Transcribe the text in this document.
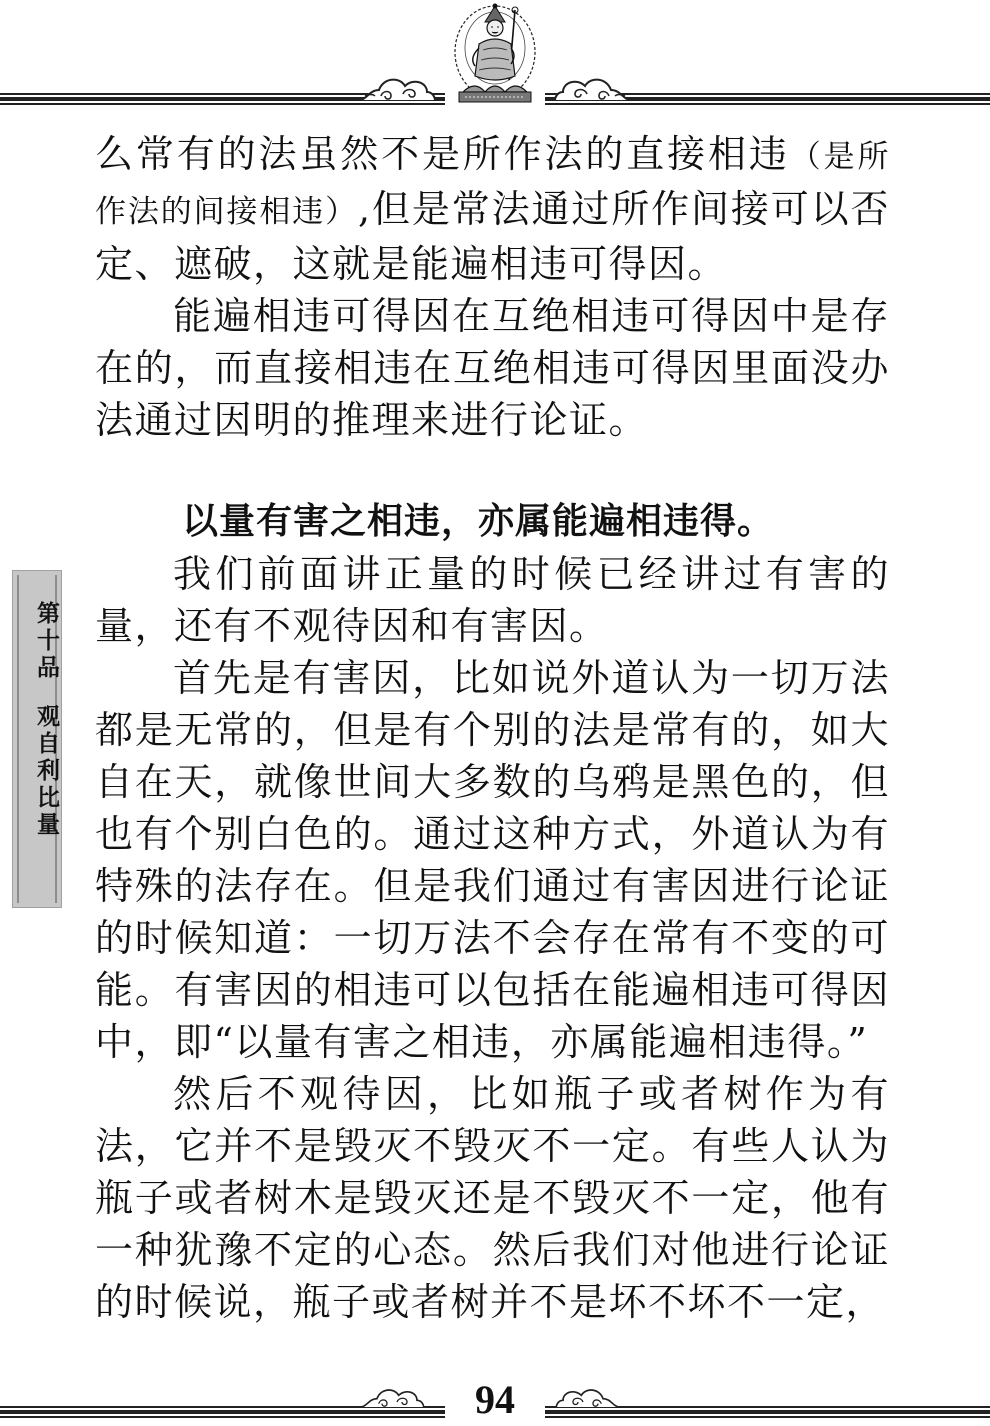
第十品观自利比量

么常有的法虽然不是所作法的直接相违（是所作法的间接相违）,但是常法通过所作间接可以否定、遮破，这就是能遍相违可得因。

能遍相违可得因在互绝相违可得因中是存在的，而直接相违在互绝相违可得因里面没办法通过因明的推理来进行论证。

以量有害之相违，亦属能遍相违得。

我们前面讲正量的时候已经讲过有害的量，还有不观待因和有害因。

首先是有害因，比如说外道认为一切万法都是无常的，但是有个别的法是常有的，如大自在天，就像世间大多数的乌鸦是黑色的，但也有个别白色的。通过这种方式，外道认为有特殊的法存在。但是我们通过有害因进行论证的时候知道：一切万法不会存在常有不变的可能。有害因的相违可以包括在能遍相违可得因中，即“以量有害之相违，亦属能遍相违得。”

然后不观待因，比如瓶子或者树作为有法，它并不是毁灭不毁灭不一定。有些人认为瓶子或者树木是毁灭还是不毁灭不一定，他有一种犹豫不定的心态。然后我们对他进行论证的时候说，瓶子或者树并不是坏不坏不一定，

94
